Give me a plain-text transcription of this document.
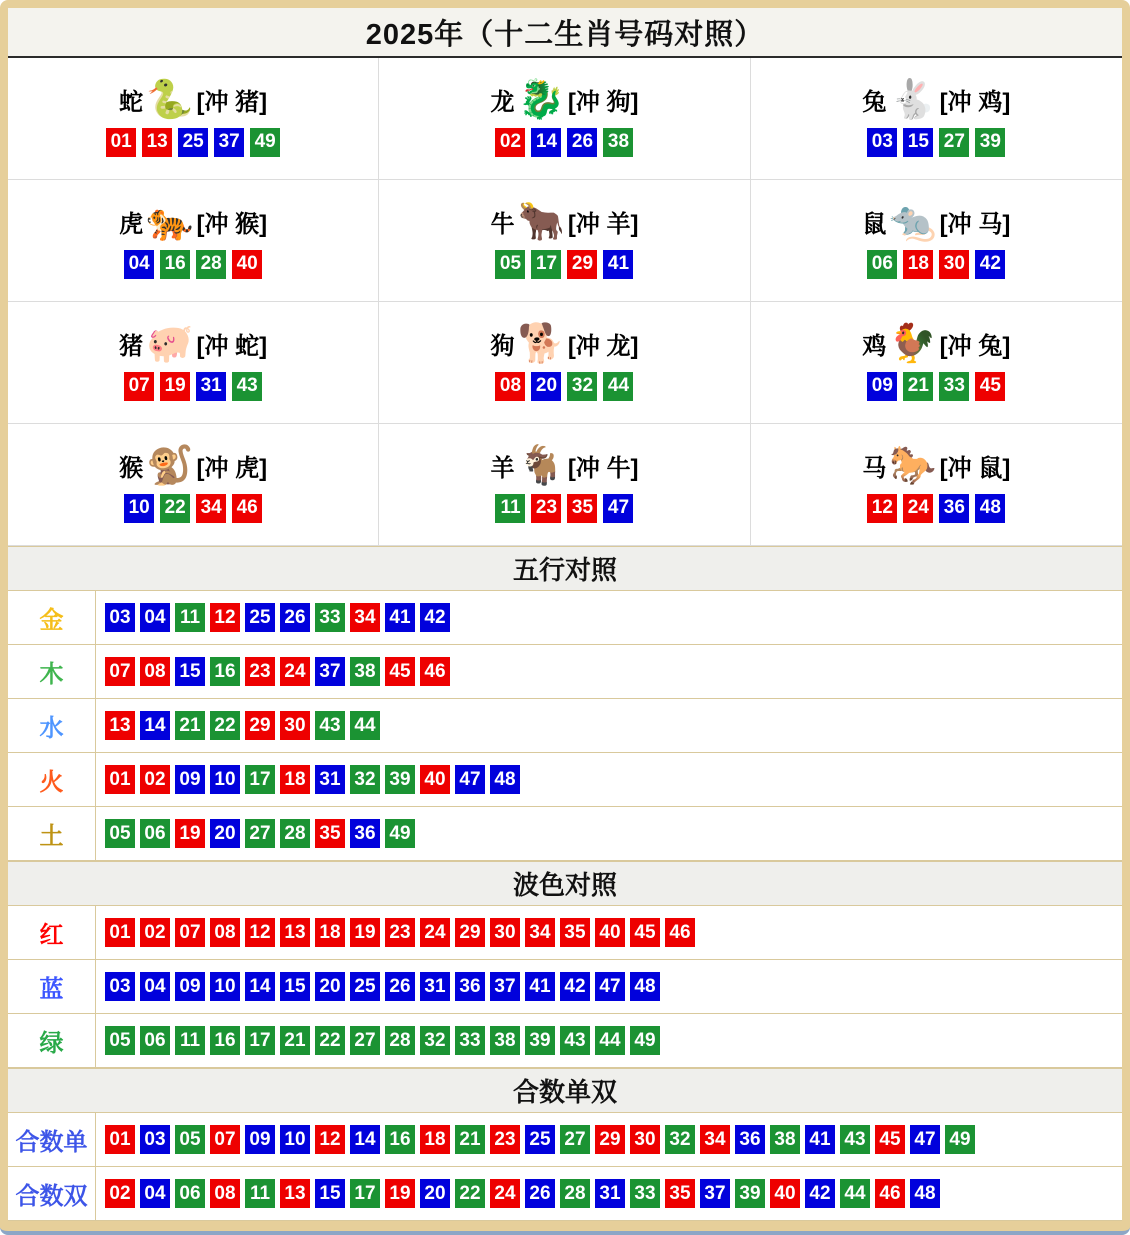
2025年（十二生肖号码对照）
蛇 🐍 [冲 猪]
01 13 25 37 49
龙 🐉 [冲 狗]
02 14 26 38
兔 🐇 [冲 鸡]
03 15 27 39
虎 🐅 [冲 猴]
04 16 28 40
牛 🐂 [冲 羊]
05 17 29 41
鼠 🐀 [冲 马]
06 18 30 42
猪 🐖 [冲 蛇]
07 19 31 43
狗 🐕 [冲 龙]
08 20 32 44
鸡 🐓 [冲 兔]
09 21 33 45
猴 🐒 [冲 虎]
10 22 34 46
羊 🐐 [冲 牛]
11 23 35 47
马 🐎 [冲 鼠]
12 24 36 48
五行对照
金	03 04 11 12 25 26 33 34 41 42
木	07 08 15 16 23 24 37 38 45 46
水	13 14 21 22 29 30 43 44
火	01 02 09 10 17 18 31 32 39 40 47 48
土	05 06 19 20 27 28 35 36 49
波色对照
红	01 02 07 08 12 13 18 19 23 24 29 30 34 35 40 45 46
蓝	03 04 09 10 14 15 20 25 26 31 36 37 41 42 47 48
绿	05 06 11 16 17 21 22 27 28 32 33 38 39 43 44 49
合数单双
合数单	01 03 05 07 09 10 12 14 16 18 21 23 25 27 29 30 32 34 36 38 41 43 45 47 49
合数双	02 04 06 08 11 13 15 17 19 20 22 24 26 28 31 33 35 37 39 40 42 44 46 48
